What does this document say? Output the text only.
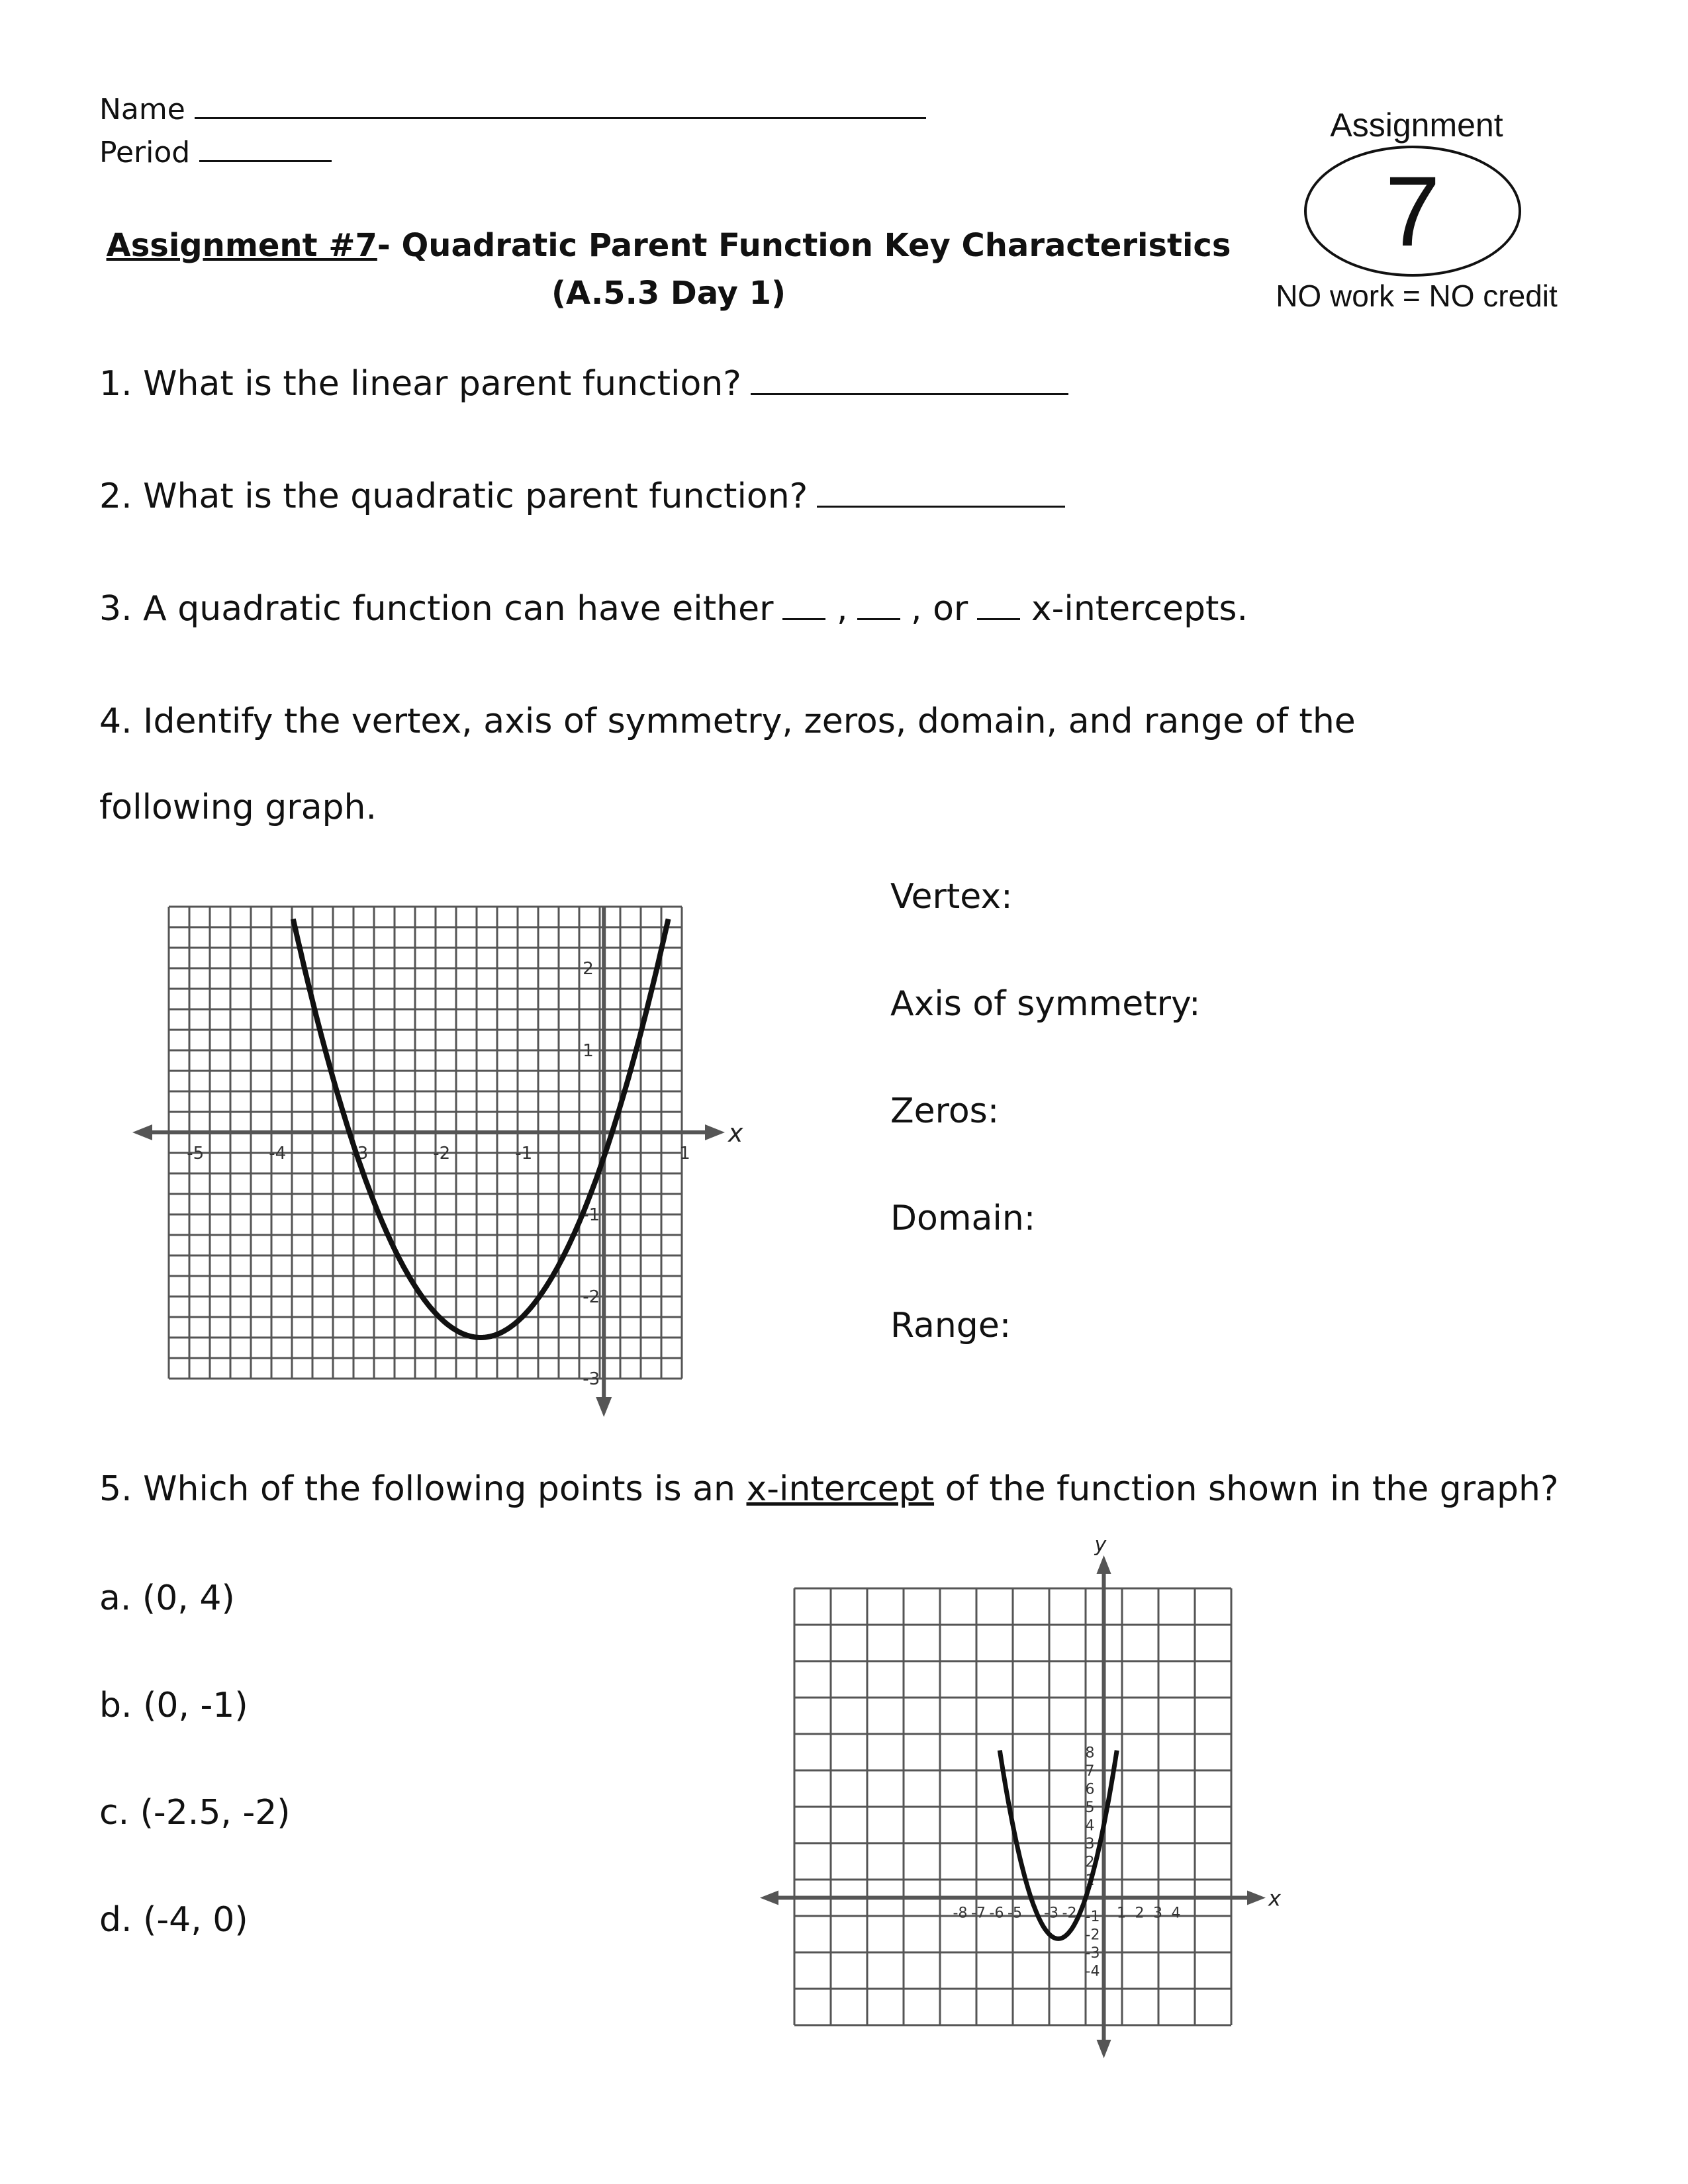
Name
Period
Assignment #7- Quadratic Parent Function Key Characteristics
(A.5.3 Day 1)
Assignment
7
NO work = NO credit
1. What is the linear parent function?
2. What is the quadratic parent function?
3. A quadratic function can have either , , or x-intercepts.
4. Identify the vertex, axis of symmetry, zeros, domain, and range of the
following graph.
x
-5	-4	-3	-2	-1	1
2
1
-1
-2
-3
Vertex:
Axis of symmetry:
Zeros:
Domain:
Range:
5. Which of the following points is an x-intercept of the function shown in the graph?
a. (0, 4)
b. (0, -1)
c. (-2.5, -2)
d. (-4, 0)
x
y
-8 -7 -6 -5 -3 -2	1 2 3 4
8
7
6
5
4
3
2
1
-1
-2
-3
-4
